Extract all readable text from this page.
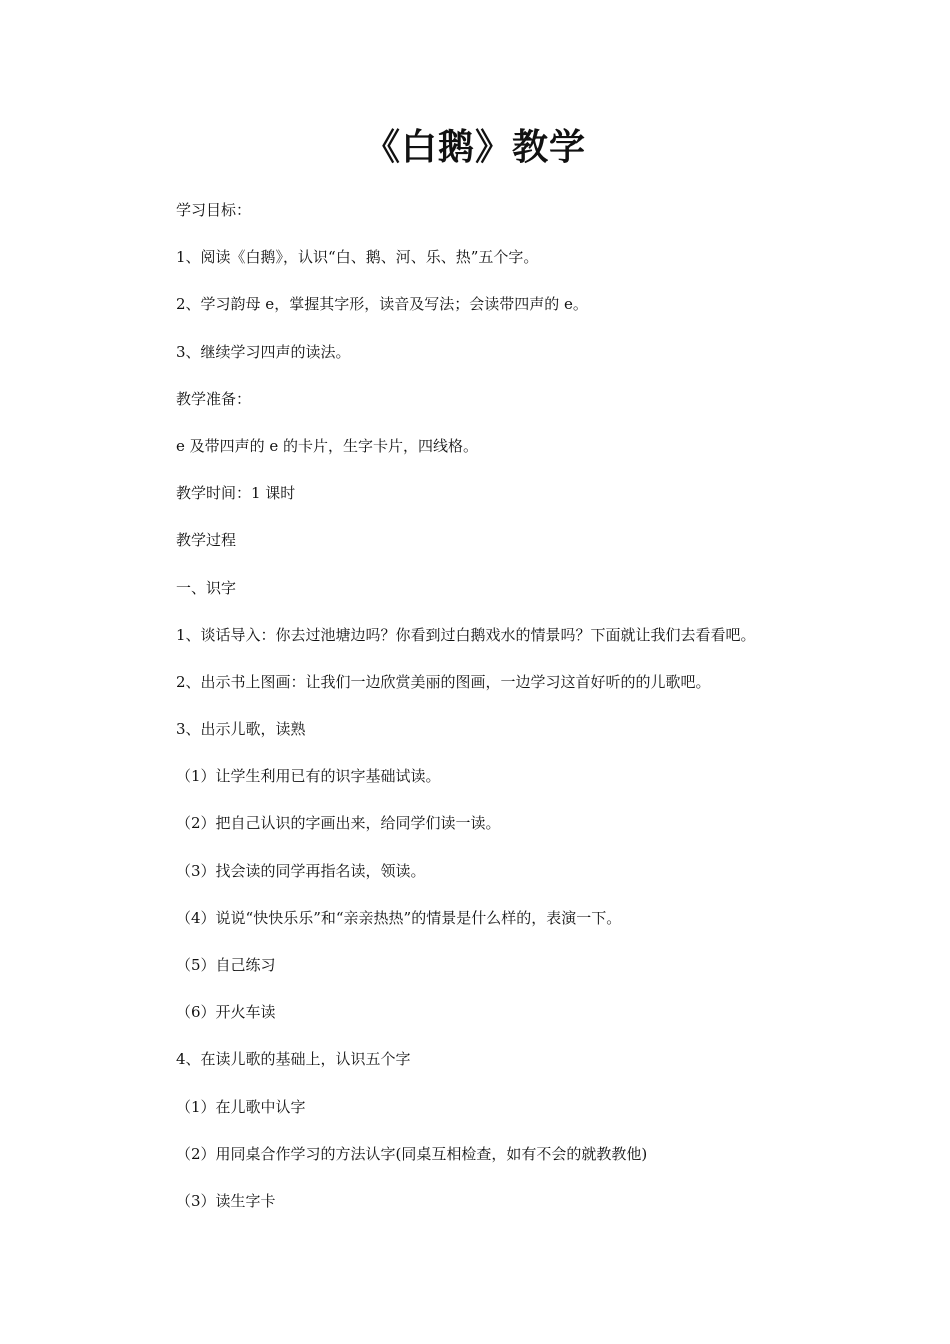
《白鹅》教学
学习目标：
1、阅读《白鹅》，认识“白、鹅、河、乐、热”五个字。
2、学习韵母 e，掌握其字形，读音及写法；会读带四声的 e。
3、继续学习四声的读法。
教学准备：
e 及带四声的 e 的卡片，生字卡片，四线格。
教学时间：1 课时
教学过程
一、识字
1、谈话导入：你去过池塘边吗？你看到过白鹅戏水的情景吗？下面就让我们去看看吧。
2、出示书上图画：让我们一边欣赏美丽的图画，一边学习这首好听的的儿歌吧。
3、出示儿歌，读熟
（1）让学生利用已有的识字基础试读。
（2）把自己认识的字画出来，给同学们读一读。
（3）找会读的同学再指名读，领读。
（4）说说“快快乐乐”和“亲亲热热”的情景是什么样的，表演一下。
（5）自己练习
（6）开火车读
4、在读儿歌的基础上，认识五个字
（1）在儿歌中认字
（2）用同桌合作学习的方法认字(同桌互相检查，如有不会的就教教他)
（3）读生字卡
